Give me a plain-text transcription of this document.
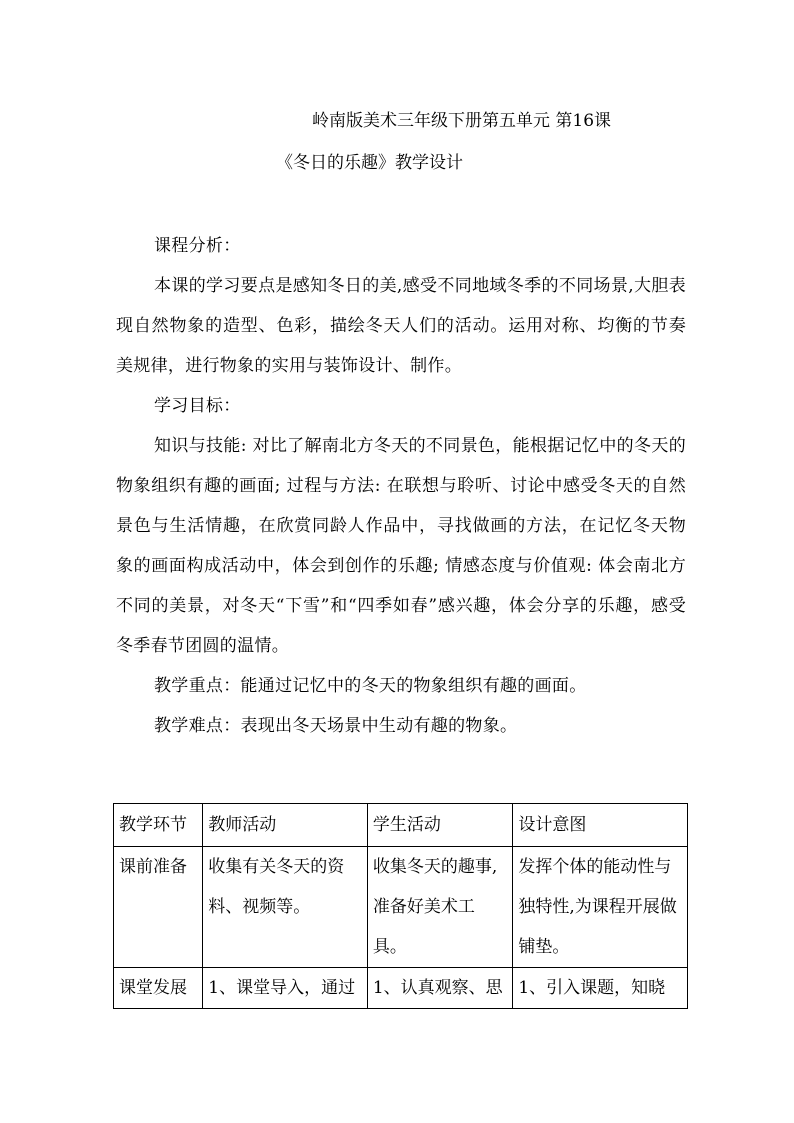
岭南版美术三年级下册第五单元 第16课
《冬日的乐趣》教学设计
课程分析：
本课的学习要点是感知冬日的美,感受不同地域冬季的不同场景,大胆表现自然物象的造型、色彩，描绘冬天人们的活动。运用对称、均衡的节奏美规律，进行物象的实用与装饰设计、制作。
学习目标：
知识与技能: 对比了解南北方冬天的不同景色，能根据记忆中的冬天的物象组织有趣的画面; 过程与方法: 在联想与聆听、讨论中感受冬天的自然景色与生活情趣，在欣赏同龄人作品中，寻找做画的方法，在记忆冬天物象的画面构成活动中，体会到创作的乐趣; 情感态度与价值观: 体会南北方不同的美景，对冬天“下雪”和“四季如春”感兴趣，体会分享的乐趣，感受冬季春节团圆的温情。
教学重点：能通过记忆中的冬天的物象组织有趣的画面。
教学难点：表现出冬天场景中生动有趣的物象。
教学环节	教师活动	学生活动	设计意图
课前准备	收集有关冬天的资料、视频等。	收集冬天的趣事,准备好美术工具。	发挥个体的能动性与独特性,为课程开展做铺垫。
课堂发展	1、课堂导入，通过	1、认真观察、思	1、引入课题，知晓
